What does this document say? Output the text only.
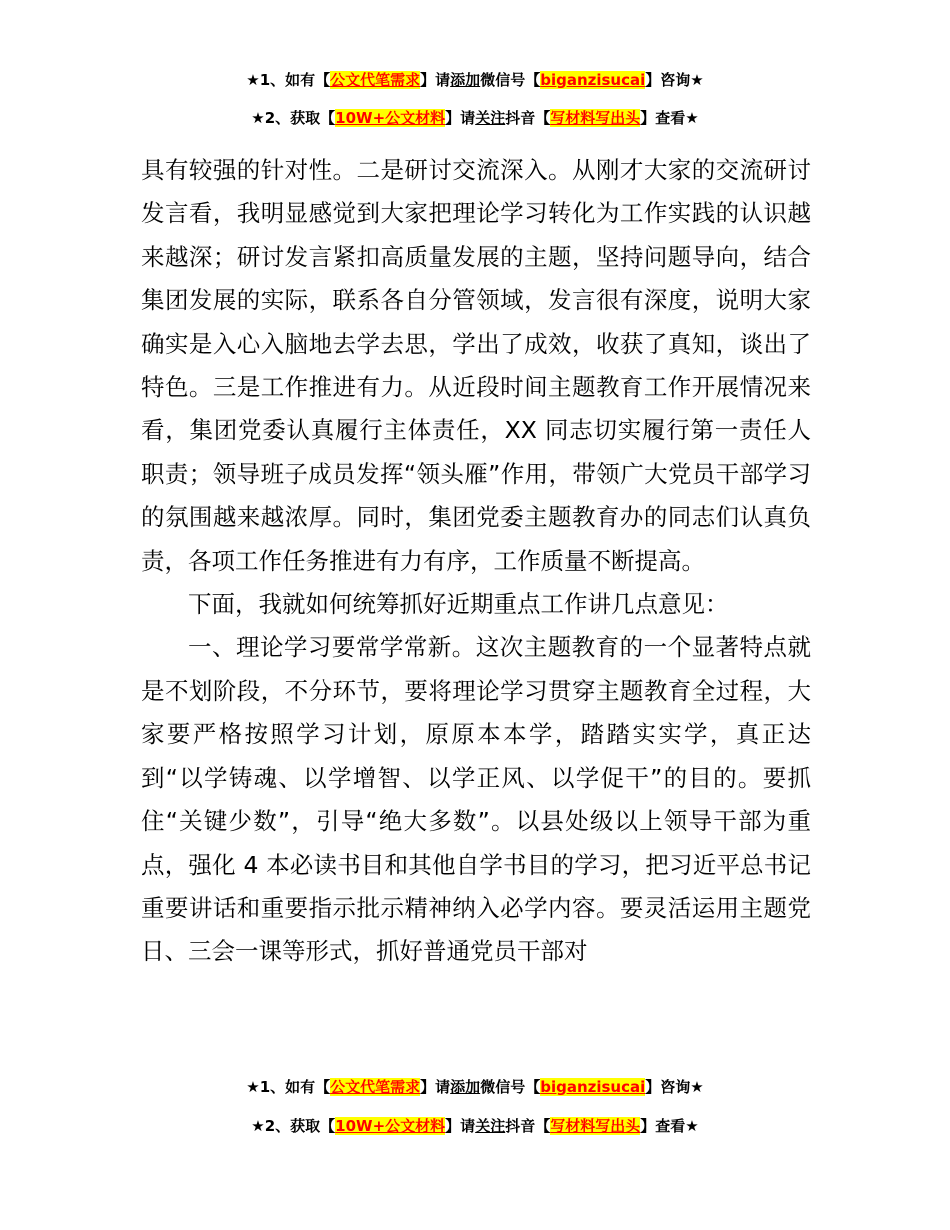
★1、如有【公文代笔需求】请添加微信号【biganzisucai】咨询★
★2、获取【10W+公文材料】请关注抖音【写材料写出头】查看★

具有较强的针对性。二是研讨交流深入。从刚才大家的交流研讨发言看，我明显感觉到大家把理论学习转化为工作实践的认识越来越深；研讨发言紧扣高质量发展的主题，坚持问题导向，结合集团发展的实际，联系各自分管领域，发言很有深度，说明大家确实是入心入脑地去学去思，学出了成效，收获了真知，谈出了特色。三是工作推进有力。从近段时间主题教育工作开展情况来看，集团党委认真履行主体责任，XX 同志切实履行第一责任人职责；领导班子成员发挥“领头雁”作用，带领广大党员干部学习的氛围越来越浓厚。同时，集团党委主题教育办的同志们认真负责，各项工作任务推进有力有序，工作质量不断提高。

下面，我就如何统筹抓好近期重点工作讲几点意见：

一、理论学习要常学常新。这次主题教育的一个显著特点就是不划阶段，不分环节，要将理论学习贯穿主题教育全过程，大家要严格按照学习计划，原原本本学，踏踏实实学，真正达到“以学铸魂、以学增智、以学正风、以学促干”的目的。要抓住“关键少数”，引导“绝大多数”。以县处级以上领导干部为重点，强化 4 本必读书目和其他自学书目的学习，把习近平总书记重要讲话和重要指示批示精神纳入必学内容。要灵活运用主题党日、三会一课等形式，抓好普通党员干部对

★1、如有【公文代笔需求】请添加微信号【biganzisucai】咨询★
★2、获取【10W+公文材料】请关注抖音【写材料写出头】查看★
